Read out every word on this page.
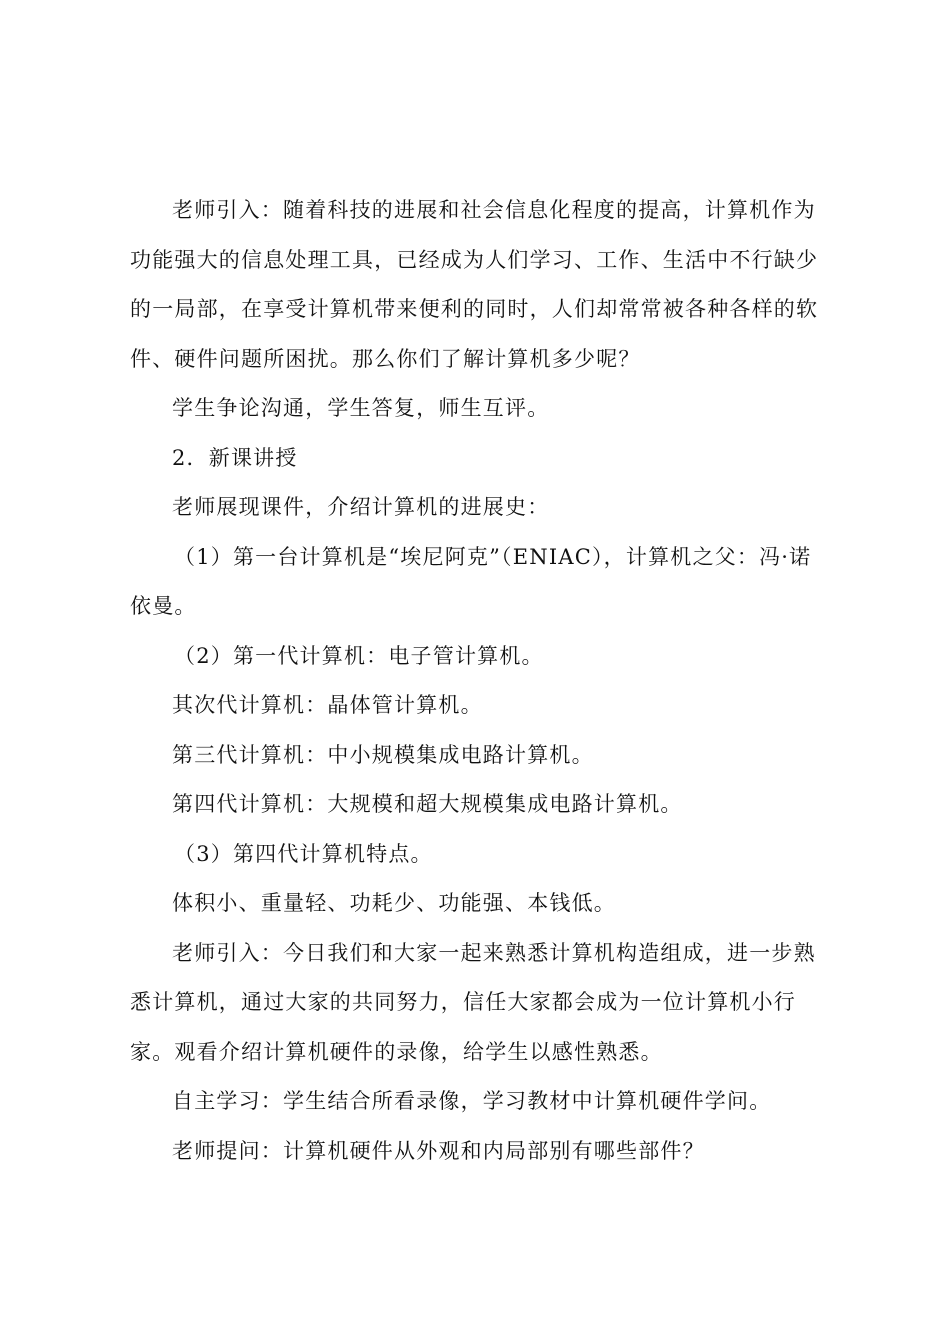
老师引入：随着科技的进展和社会信息化程度的提高，计算机作为功能强大的信息处理工具，已经成为人们学习、工作、生活中不行缺少的一局部，在享受计算机带来便利的同时，人们却常常被各种各样的软件、硬件问题所困扰。那么你们了解计算机多少呢？

学生争论沟通，学生答复，师生互评。

2．新课讲授

老师展现课件，介绍计算机的进展史：

（1）第一台计算机是“埃尼阿克”（ENIAC），计算机之父：冯·诺依曼。

（2）第一代计算机：电子管计算机。

其次代计算机：晶体管计算机。

第三代计算机：中小规模集成电路计算机。

第四代计算机：大规模和超大规模集成电路计算机。

（3）第四代计算机特点。

体积小、重量轻、功耗少、功能强、本钱低。

老师引入：今日我们和大家一起来熟悉计算机构造组成，进一步熟悉计算机，通过大家的共同努力，信任大家都会成为一位计算机小行家。观看介绍计算机硬件的录像，给学生以感性熟悉。

自主学习：学生结合所看录像，学习教材中计算机硬件学问。

老师提问：计算机硬件从外观和内局部别有哪些部件？
